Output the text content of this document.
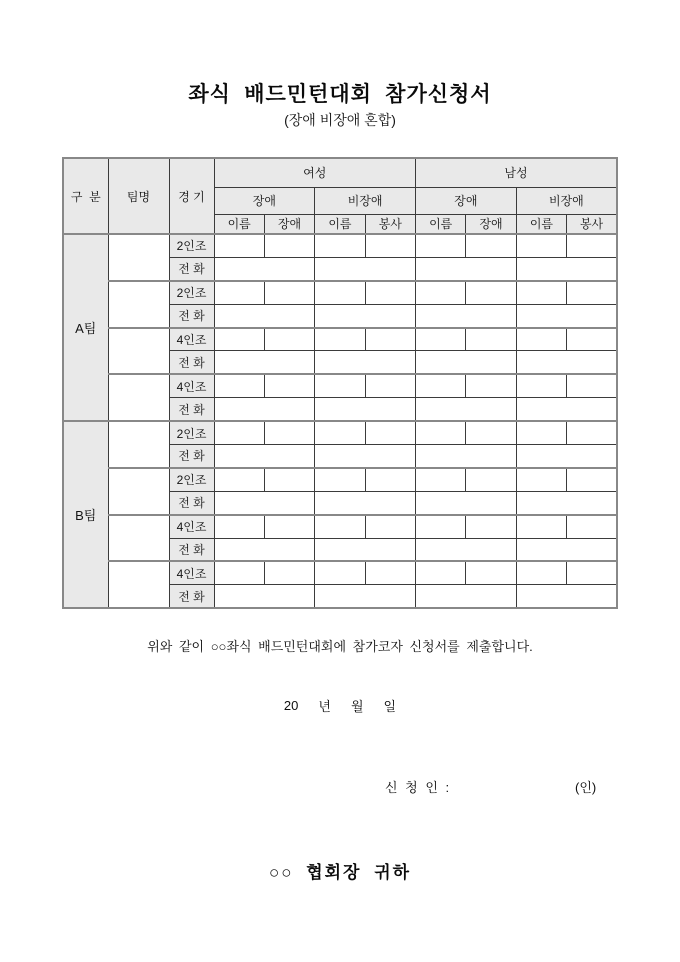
좌식 배드민턴대회 참가신청서
(장애 비장애 혼합)
구  분	팀명	경 기	여성				남성			
			장애		비장애		장애		비장애	
			이름	장애	이름	봉사	이름	장애	이름	봉사
A팀		2인조								
		전 화								
		2인조								
		전 화								
		4인조								
		전 화								
		4인조								
		전 화								
B팀		2인조								
		전 화								
		2인조								
		전 화								
		4인조								
		전 화								
		4인조								
		전 화								
위와 같이 ○○좌식 배드민턴대회에 참가코자 신청서를 제출합니다.
20 년 월 일
신 청 인 :	(인)
○○ 협회장 귀하
